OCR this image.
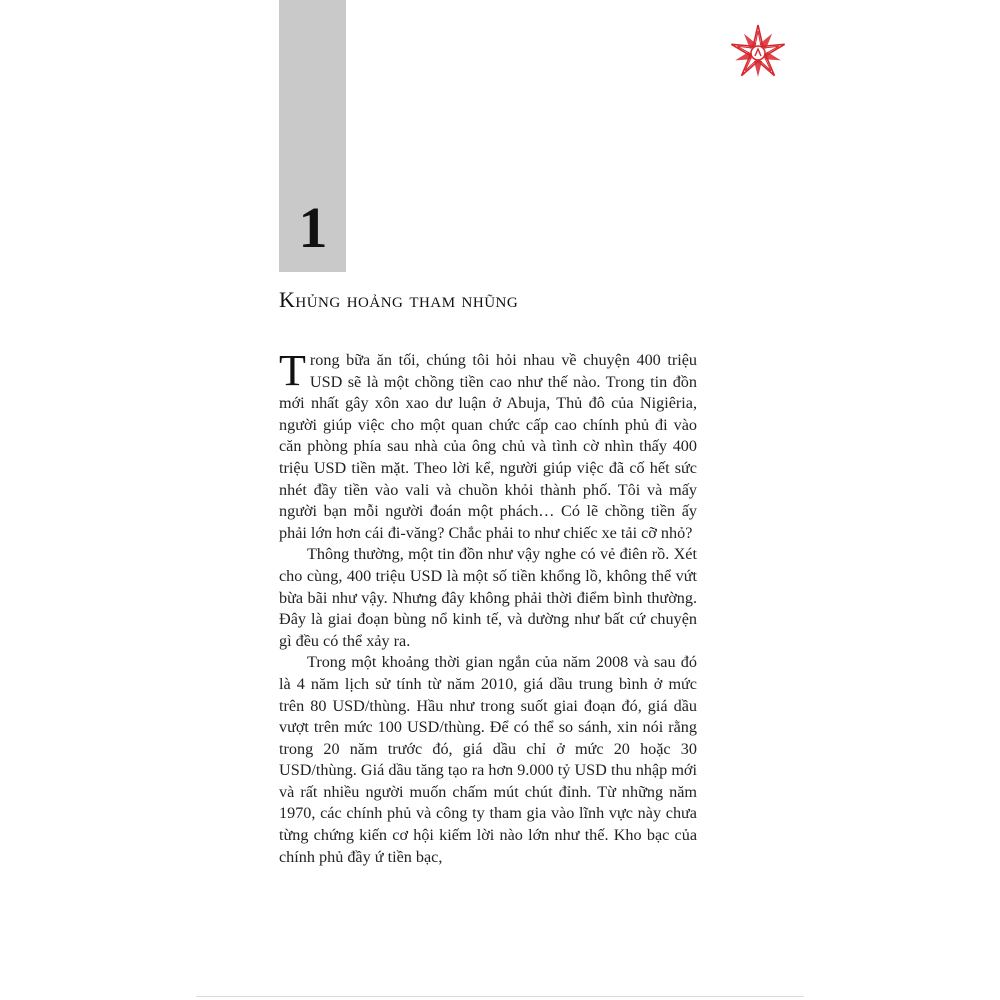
1
Khủng hoảng tham nhũng

Trong bữa ăn tối, chúng tôi hỏi nhau về chuyện 400 triệu USD sẽ là một chồng tiền cao như thế nào. Trong tin đồn mới nhất gây xôn xao dư luận ở Abuja, Thủ đô của Nigiêria, người giúp việc cho một quan chức cấp cao chính phủ đi vào căn phòng phía sau nhà của ông chủ và tình cờ nhìn thấy 400 triệu USD tiền mặt. Theo lời kể, người giúp việc đã cố hết sức nhét đầy tiền vào vali và chuồn khỏi thành phố. Tôi và mấy người bạn mỗi người đoán một phách… Có lẽ chồng tiền ấy phải lớn hơn cái đi-văng? Chắc phải to như chiếc xe tải cỡ nhỏ?

Thông thường, một tin đồn như vậy nghe có vẻ điên rồ. Xét cho cùng, 400 triệu USD là một số tiền khổng lồ, không thể vứt bừa bãi như vậy. Nhưng đây không phải thời điểm bình thường. Đây là giai đoạn bùng nổ kinh tế, và dường như bất cứ chuyện gì đều có thể xảy ra.

Trong một khoảng thời gian ngắn của năm 2008 và sau đó là 4 năm lịch sử tính từ năm 2010, giá dầu trung bình ở mức trên 80 USD/thùng. Hầu như trong suốt giai đoạn đó, giá dầu vượt trên mức 100 USD/thùng. Để có thể so sánh, xin nói rằng trong 20 năm trước đó, giá dầu chỉ ở mức 20 hoặc 30 USD/thùng. Giá dầu tăng tạo ra hơn 9.000 tỷ USD thu nhập mới và rất nhiều người muốn chấm mút chút đỉnh. Từ những năm 1970, các chính phủ và công ty tham gia vào lĩnh vực này chưa từng chứng kiến cơ hội kiếm lời nào lớn như thế. Kho bạc của chính phủ đầy ứ tiền bạc,
